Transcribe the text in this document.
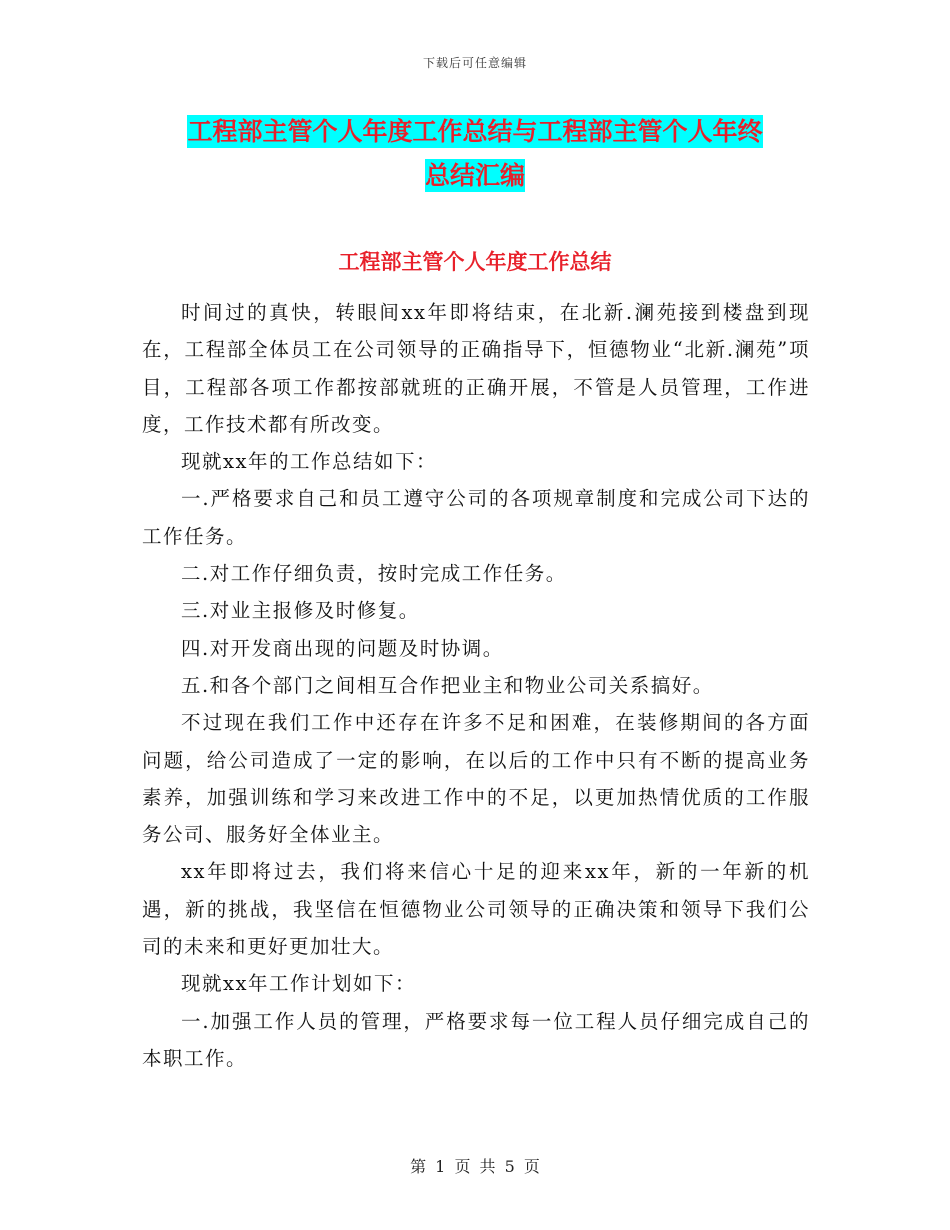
下载后可任意编辑
工程部主管个人年度工作总结与工程部主管个人年终
总结汇编
工程部主管个人年度工作总结

时间过的真快，转眼间xx年即将结束，在北新.澜苑接到楼盘到现在，工程部全体员工在公司领导的正确指导下，恒德物业“北新.澜苑”项目，工程部各项工作都按部就班的正确开展，不管是人员管理，工作进度，工作技术都有所改变。

现就xx年的工作总结如下：

一.严格要求自己和员工遵守公司的各项规章制度和完成公司下达的工作任务。

二.对工作仔细负责，按时完成工作任务。

三.对业主报修及时修复。

四.对开发商出现的问题及时协调。

五.和各个部门之间相互合作把业主和物业公司关系搞好。

不过现在我们工作中还存在许多不足和困难，在装修期间的各方面问题，给公司造成了一定的影响，在以后的工作中只有不断的提高业务素养，加强训练和学习来改进工作中的不足，以更加热情优质的工作服务公司、服务好全体业主。

xx年即将过去，我们将来信心十足的迎来xx年，新的一年新的机遇，新的挑战，我坚信在恒德物业公司领导的正确决策和领导下我们公司的未来和更好更加壮大。

现就xx年工作计划如下：

一.加强工作人员的管理，严格要求每一位工程人员仔细完成自己的本职工作。

第 1 页 共 5 页
